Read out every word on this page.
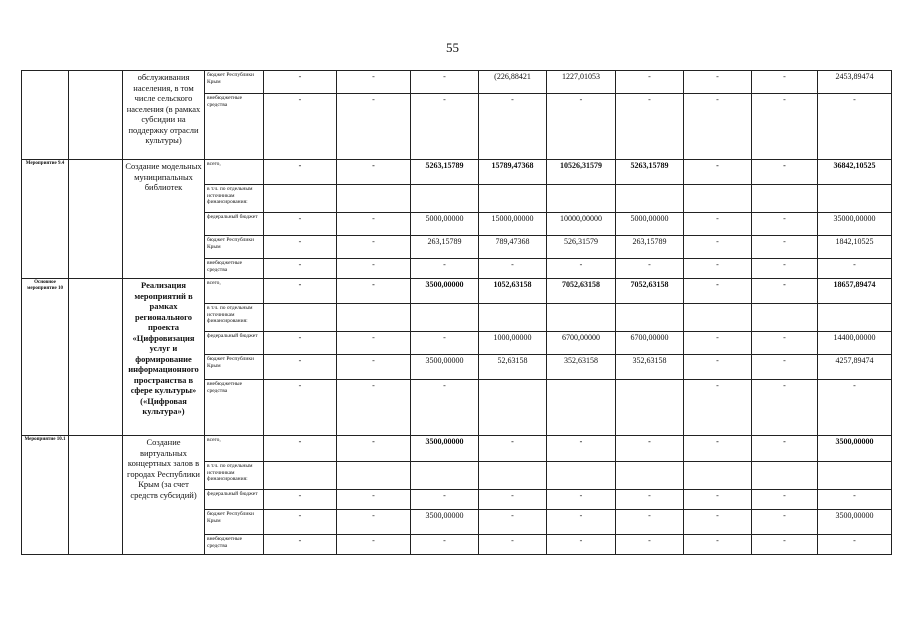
55
		обслуживания населения, в том числе сельского населения (в рамках субсидии на поддержку отрасли культуры)	бюджет Республики Крым	-	-	-	(226,88421	1227,01053	-	-	-	2453,89474
			внебюджетные средства	-	-	-	-	-	-	-	-	-
Мероприятие 9.4		Создание модельных муниципальных библиотек	всего,	-	-	5263,15789	15789,47368	10526,31579	5263,15789	-	-	36842,10525
			в т.ч. по отдельным источникам финансирования:									
			федеральный бюджет	-	-	5000,00000	15000,00000	10000,00000	5000,00000	-	-	35000,00000
			бюджет Республики Крым	-	-	263,15789	789,47368	526,31579	263,15789	-	-	1842,10525
			внебюджетные средства	-	-	-	-	-	-	-	-	-
Основное мероприятие 10		Реализация мероприятий в рамках регионального проекта «Цифровизация услуг и формирование информационного пространства в сфере культуры» («Цифровая культура»)	всего,	-	-	3500,00000	1052,63158	7052,63158	7052,63158	-	-	18657,89474
			в т.ч. по отдельным источникам финансирования:									
			федеральный бюджет	-	-	-	1000,00000	6700,00000	6700,00000	-	-	14400,00000
			бюджет Республики Крым	-	-	3500,00000	52,63158	352,63158	352,63158	-	-	4257,89474
			внебюджетные средства	-	-	-				-	-	-
Мероприятие 10.1		Создание виртуальных концертных залов в городах Республики Крым (за счет средств субсидий)	всего,	-	-	3500,00000	-	-	-	-	-	3500,00000
			в т.ч. по отдельным источникам финансирования:									
			федеральный бюджет	-	-	-	-	-	-	-	-	-
			бюджет Республики Крым	-	-	3500,00000	-	-	-	-	-	3500,00000
			внебюджетные средства	-	-	-	-	-	-	-	-	-
